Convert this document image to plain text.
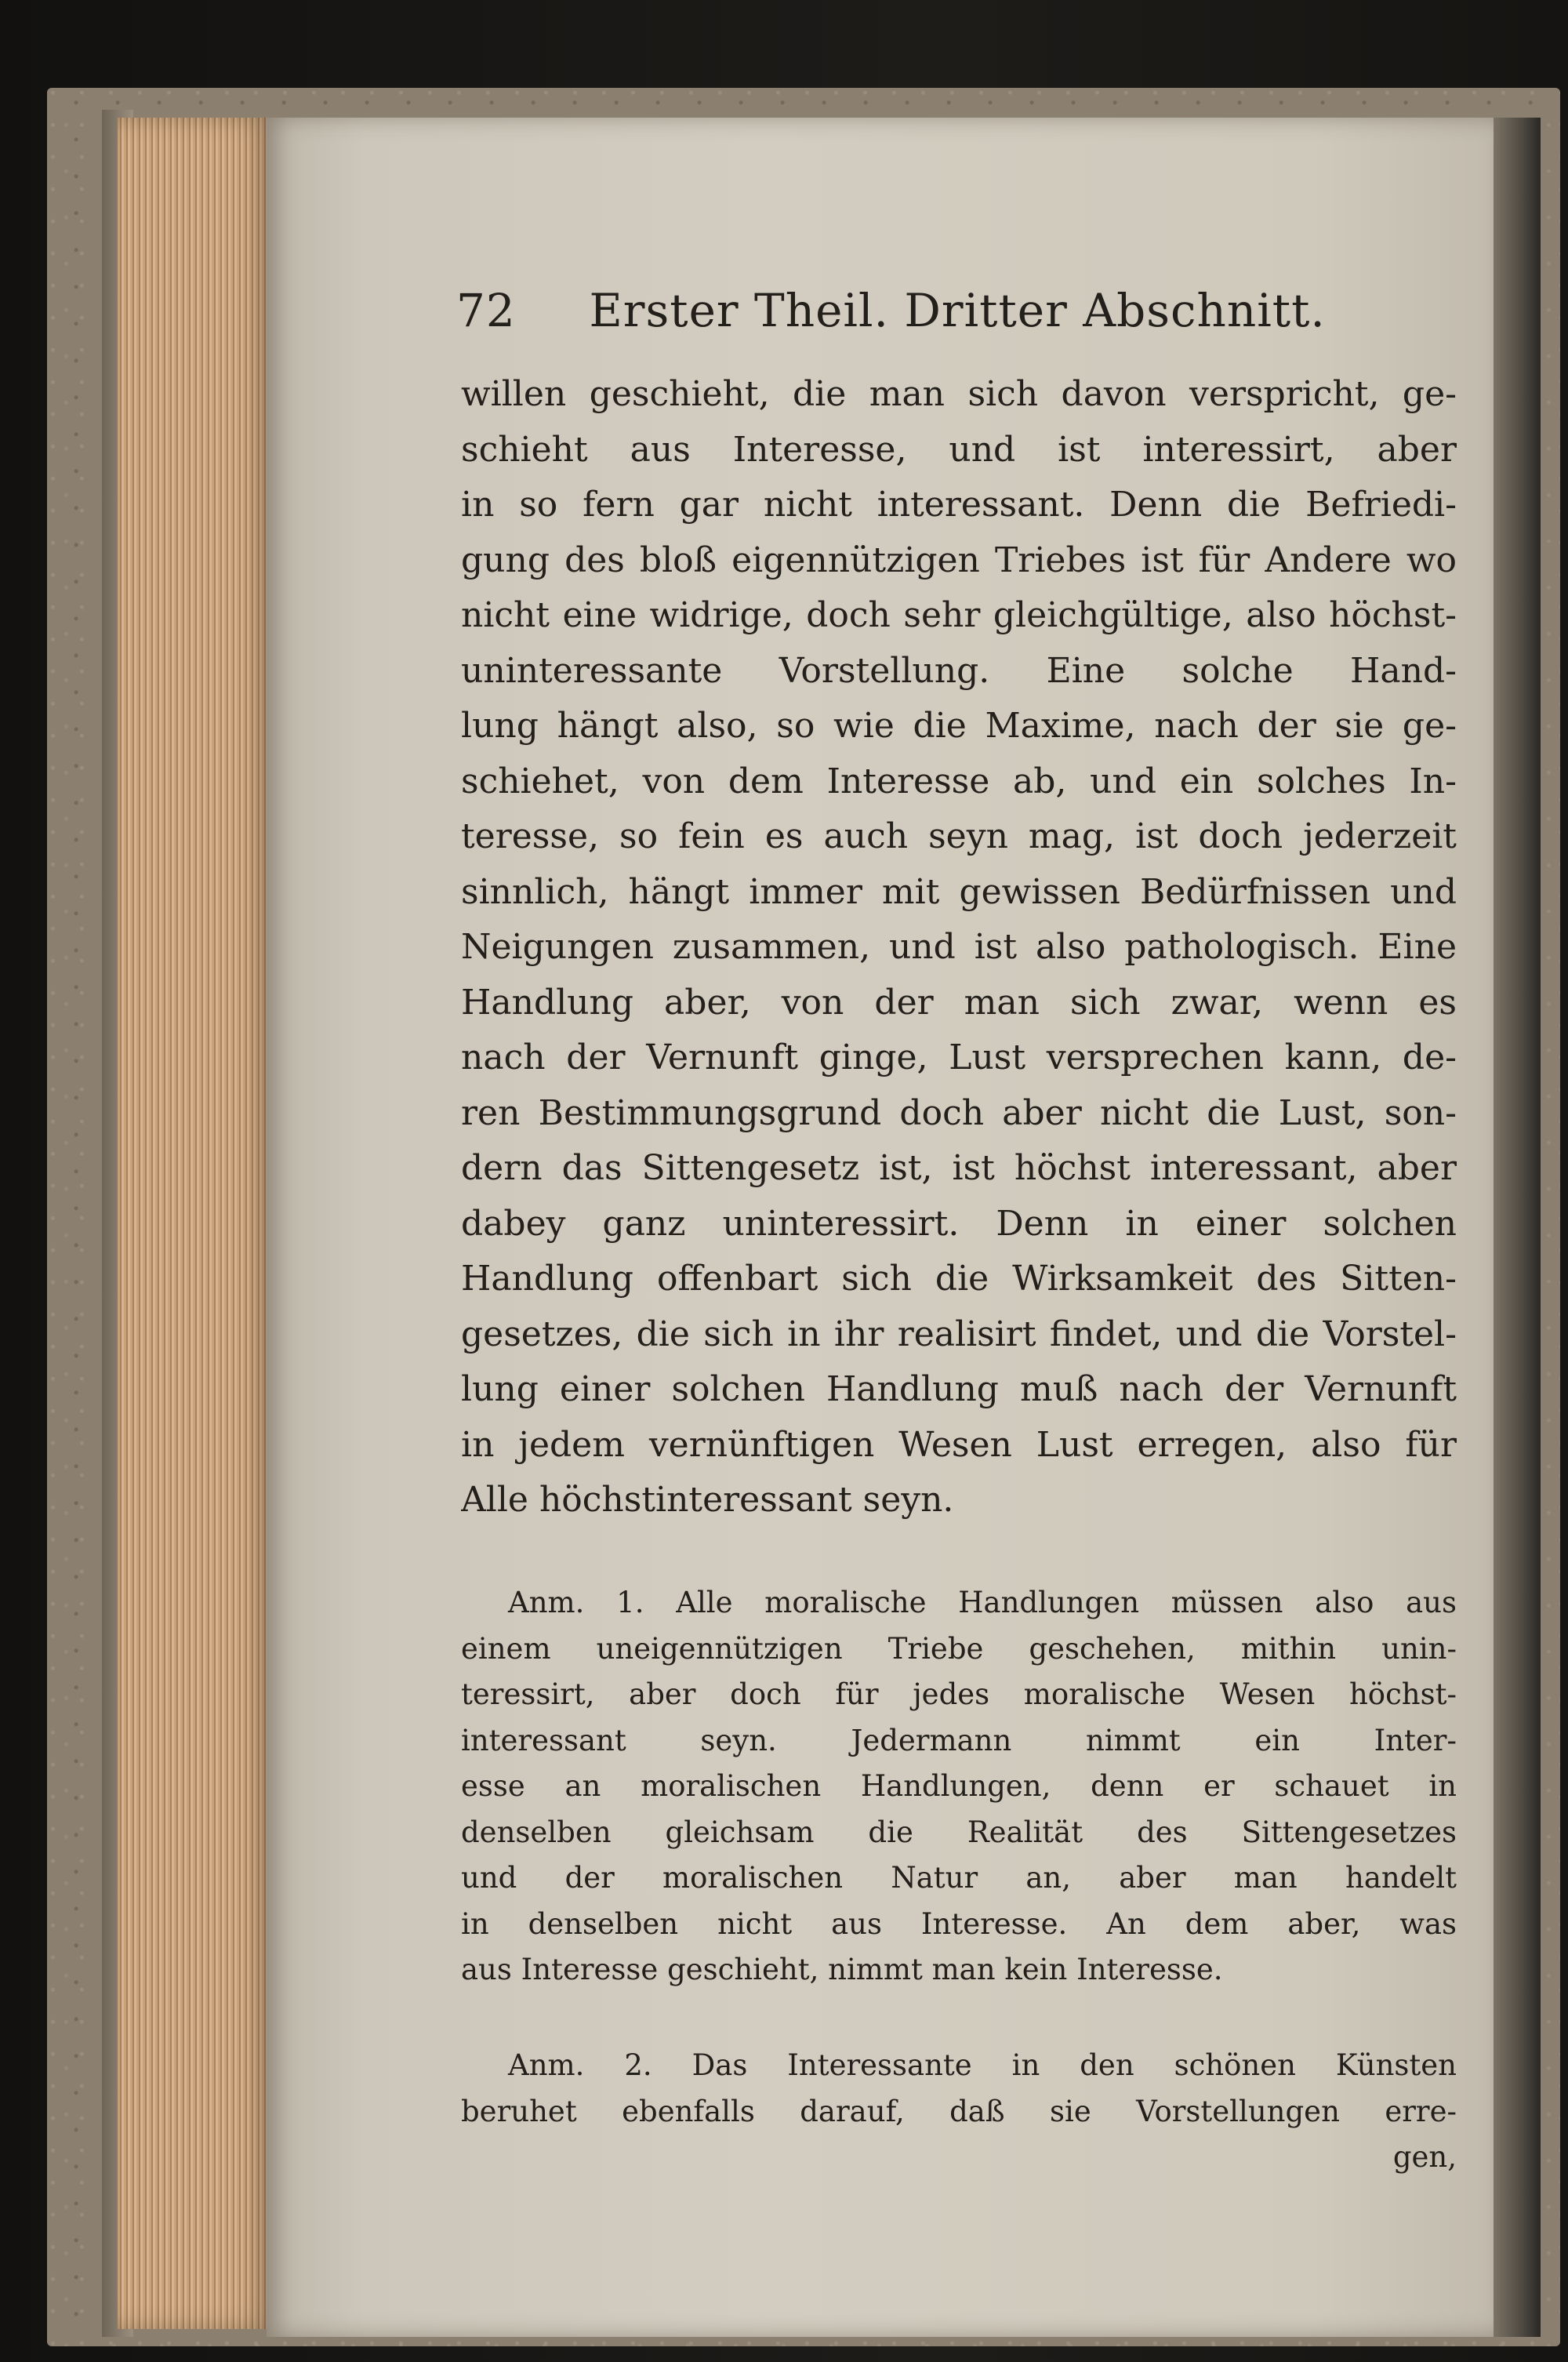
72 Erster Theil. Dritter Abschnitt.
willen geschieht, die man sich davon verspricht, ge-
schieht aus Interesse, und ist interessirt, aber
in so fern gar nicht interessant. Denn die Befriedi-
gung des bloß eigennützigen Triebes ist für Andere wo
nicht eine widrige, doch sehr gleichgültige, also höchst-
uninteressante Vorstellung. Eine solche Hand-
lung hängt also, so wie die Maxime, nach der sie ge-
schiehet, von dem Interesse ab, und ein solches In-
teresse, so fein es auch seyn mag, ist doch jederzeit
sinnlich, hängt immer mit gewissen Bedürfnissen und
Neigungen zusammen, und ist also pathologisch. Eine
Handlung aber, von der man sich zwar, wenn es
nach der Vernunft ginge, Lust versprechen kann, de-
ren Bestimmungsgrund doch aber nicht die Lust, son-
dern das Sittengesetz ist, ist höchst interessant, aber
dabey ganz uninteressirt. Denn in einer solchen
Handlung offenbart sich die Wirksamkeit des Sitten-
gesetzes, die sich in ihr realisirt findet, und die Vorstel-
lung einer solchen Handlung muß nach der Vernunft
in jedem vernünftigen Wesen Lust erregen, also für
Alle höchstinteressant seyn.
Anm. 1. Alle moralische Handlungen müssen also aus
einem uneigennützigen Triebe geschehen, mithin unin-
teressirt, aber doch für jedes moralische Wesen höchst-
interessant seyn. Jedermann nimmt ein Inter-
esse an moralischen Handlungen, denn er schauet in
denselben gleichsam die Realität des Sittengesetzes
und der moralischen Natur an, aber man handelt
in denselben nicht aus Interesse. An dem aber, was
aus Interesse geschieht, nimmt man kein Interesse.
Anm. 2. Das Interessante in den schönen Künsten
beruhet ebenfalls darauf, daß sie Vorstellungen erre-
gen,
